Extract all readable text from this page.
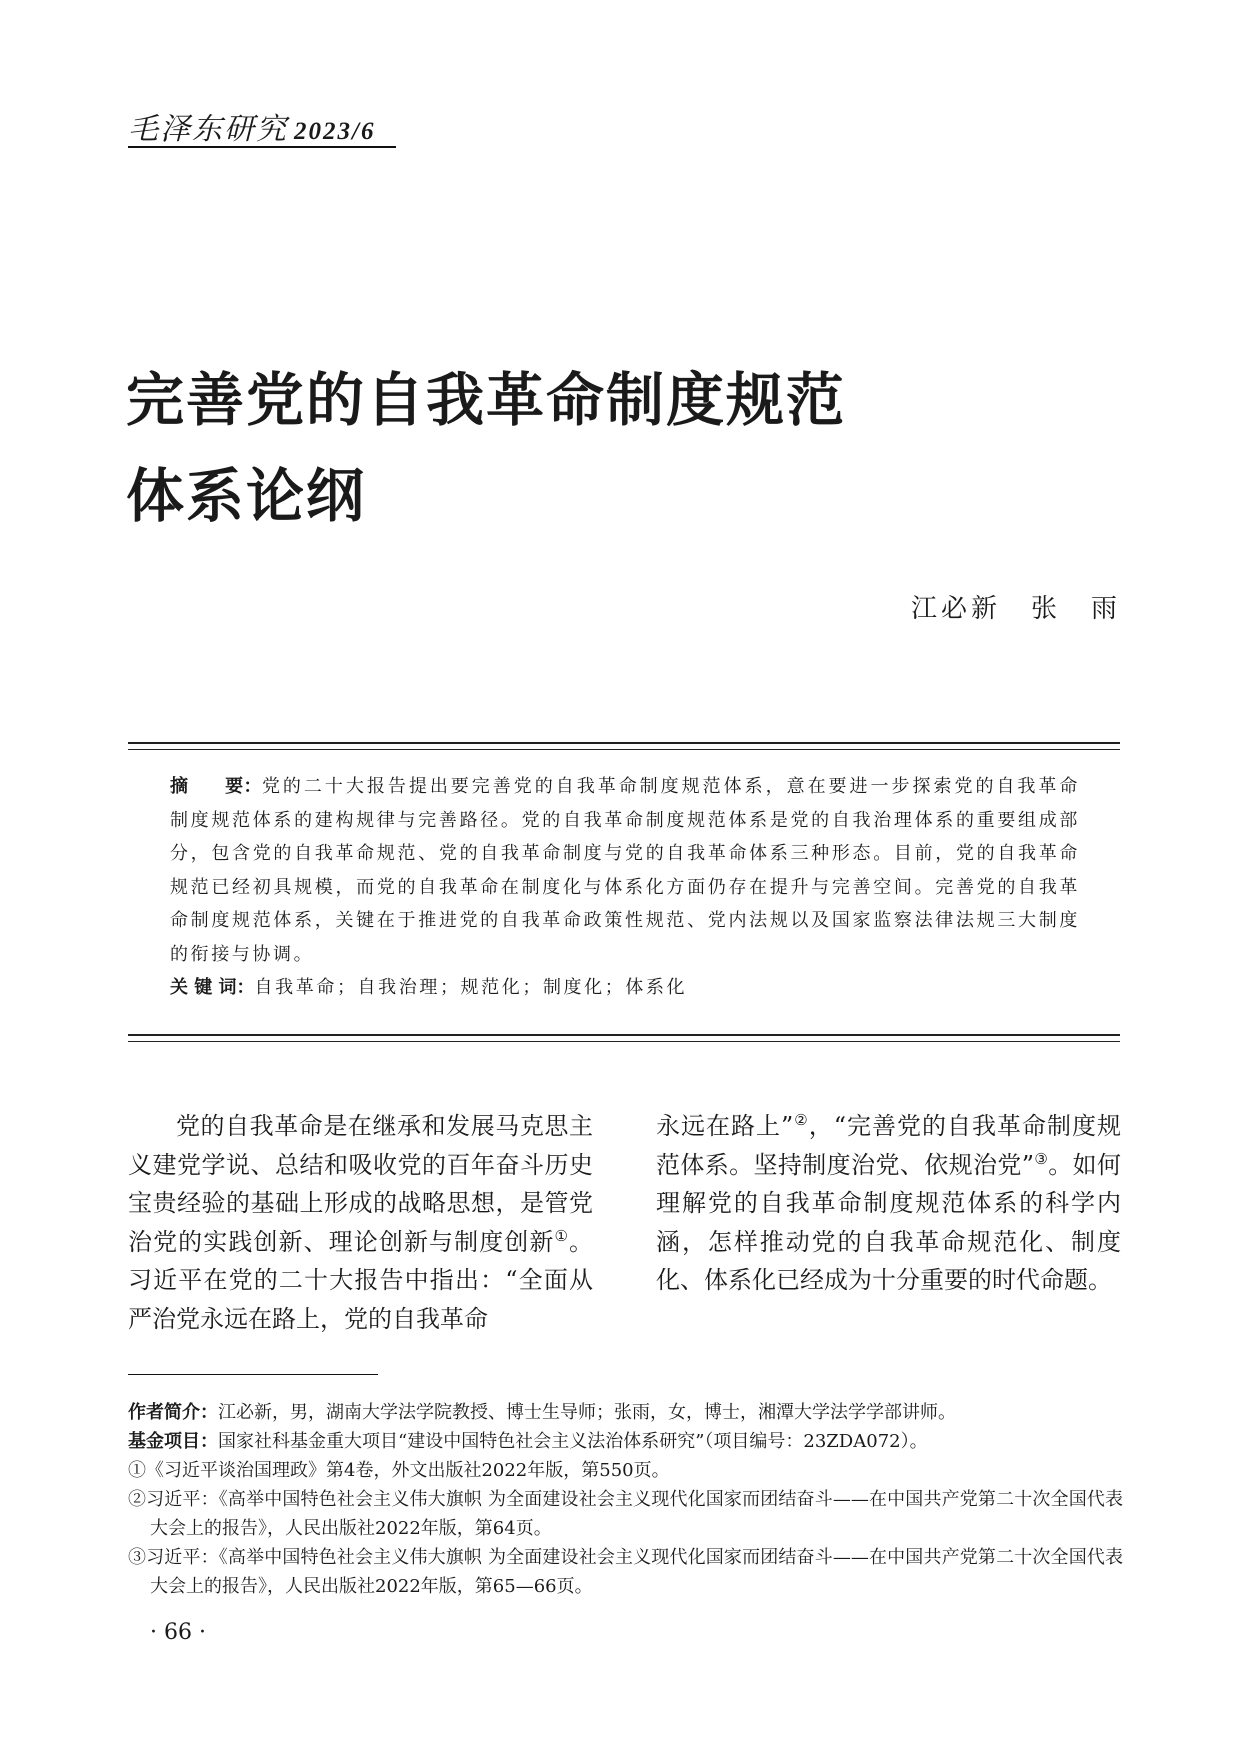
毛泽东研究 2023/6
完善党的自我革命制度规范
体系论纲
江必新 张　雨

摘　　要：党的二十大报告提出要完善党的自我革命制度规范体系，意在要进一步探索党的自我革命制度规范体系的建构规律与完善路径。党的自我革命制度规范体系是党的自我治理体系的重要组成部分，包含党的自我革命规范、党的自我革命制度与党的自我革命体系三种形态。目前，党的自我革命规范已经初具规模，而党的自我革命在制度化与体系化方面仍存在提升与完善空间。完善党的自我革命制度规范体系，关键在于推进党的自我革命政策性规范、党内法规以及国家监察法律法规三大制度的衔接与协调。

关 键 词：自我革命；自我治理；规范化；制度化；体系化

党的自我革命是在继承和发展马克思主义建党学说、总结和吸收党的百年奋斗历史宝贵经验的基础上形成的战略思想，是管党治党的实践创新、理论创新与制度创新①。习近平在党的二十大报告中指出：“全面从严治党永远在路上，党的自我革命

永远在路上”②，“完善党的自我革命制度规范体系。坚持制度治党、依规治党”③。如何理解党的自我革命制度规范体系的科学内涵，怎样推动党的自我革命规范化、制度化、体系化已经成为十分重要的时代命题。

作者简介：江必新，男，湖南大学法学院教授、博士生导师；张雨，女，博士，湘潭大学法学学部讲师。

基金项目：国家社科基金重大项目“建设中国特色社会主义法治体系研究”（项目编号：23ZDA072）。

①《习近平谈治国理政》第4卷，外文出版社2022年版，第550页。

②习近平：《高举中国特色社会主义伟大旗帜 为全面建设社会主义现代化国家而团结奋斗——在中国共产党第二十次全国代表大会上的报告》，人民出版社2022年版，第64页。

③习近平：《高举中国特色社会主义伟大旗帜 为全面建设社会主义现代化国家而团结奋斗——在中国共产党第二十次全国代表大会上的报告》，人民出版社2022年版，第65—66页。

· 66 ·
